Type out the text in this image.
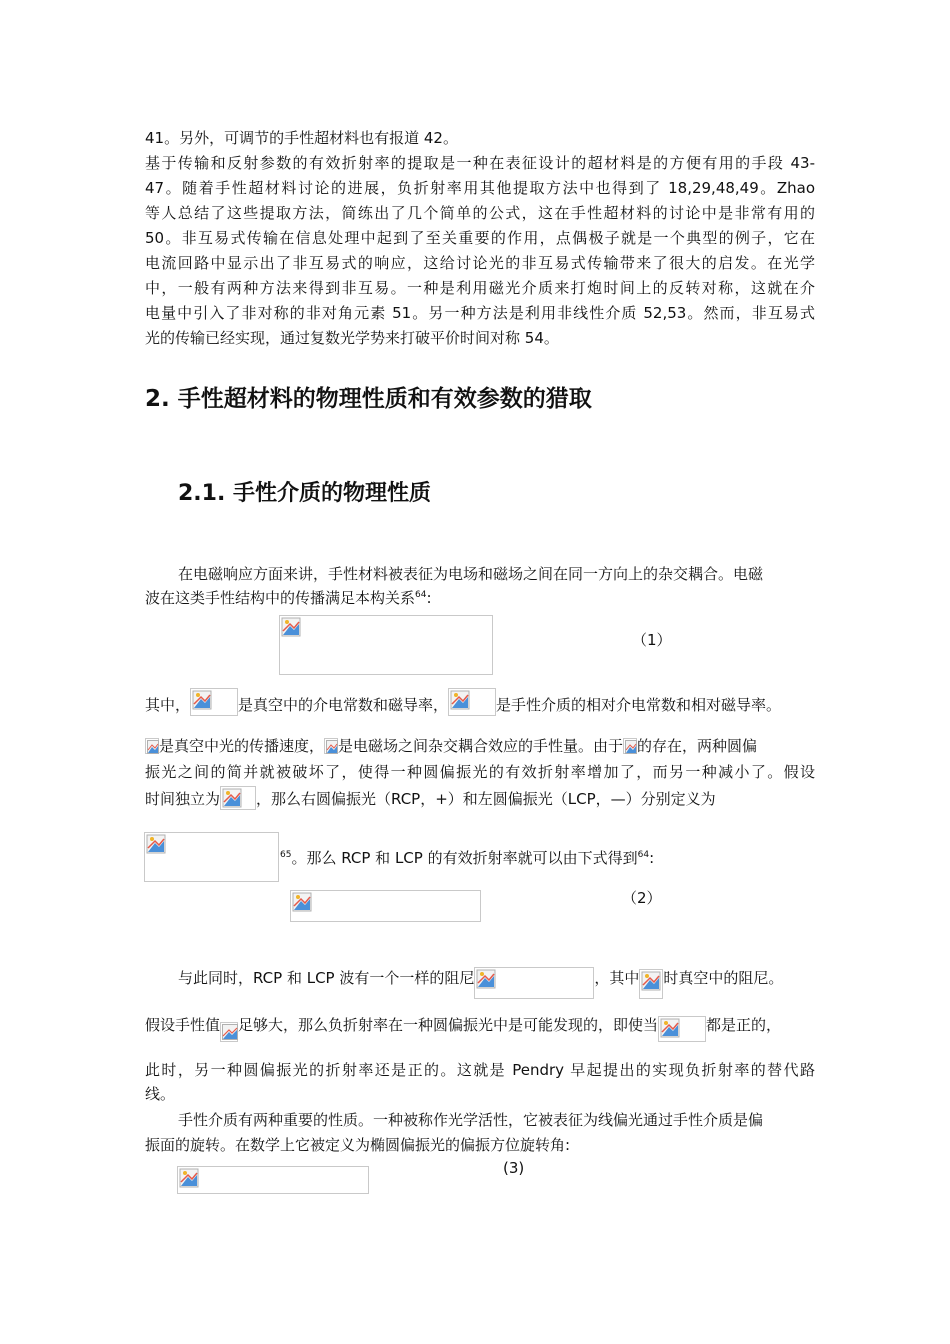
41。另外，可调节的手性超材料也有报道 42。
基于传输和反射参数的有效折射率的提取是一种在表征设计的超材料是的方便有用的手段 43-
47。随着手性超材料讨论的进展，负折射率用其他提取方法中也得到了 18,29,48,49。Zhao
等人总结了这些提取方法，简练出了几个简单的公式，这在手性超材料的讨论中是非常有用的
50。非互易式传输在信息处理中起到了至关重要的作用，点偶极子就是一个典型的例子，它在
电流回路中显示出了非互易式的响应，这给讨论光的非互易式传输带来了很大的启发。在光学
中，一般有两种方法来得到非互易。一种是利用磁光介质来打炮时间上的反转对称，这就在介
电量中引入了非对称的非对角元素 51。另一种方法是利用非线性介质 52,53。然而，非互易式
光的传输已经实现，通过复数光学势来打破平价时间对称 54。
2. 手性超材料的物理性质和有效参数的猎取
2.1. 手性介质的物理性质
在电磁响应方面来讲，手性材料被表征为电场和磁场之间在同一方向上的杂交耦合。电磁
波在这类手性结构中的传播满足本构关系$^{64}$:
（1）
其中，	是真空中的介电常数和磁导率，	是手性介质的相对介电常数和相对磁导率。
是真空中光的传播速度， 是电磁场之间杂交耦合效应的手性量。由于 的存在，两种圆偏
振光之间的简并就被破坏了，使得一种圆偏振光的有效折射率增加了，而另一种减小了。假设
时间独立为 ，那么右圆偏振光（RCP，+）和左圆偏振光（LCP，—）分别定义为
$^{65}$。那么 RCP 和 LCP 的有效折射率就可以由下式得到$^{64}$:
（2）
与此同时，RCP 和 LCP 波有一个一样的阻尼	，其中 时真空中的阻尼。
假设手性值 足够大，那么负折射率在一种圆偏振光中是可能发现的，即使当	都是正的，
此时，另一种圆偏振光的折射率还是正的。这就是 Pendry 早起提出的实现负折射率的替代路
线。
手性介质有两种重要的性质。一种被称作光学活性，它被表征为线偏光通过手性介质是偏
振面的旋转。在数学上它被定义为椭圆偏振光的偏振方位旋转角:
(3)
